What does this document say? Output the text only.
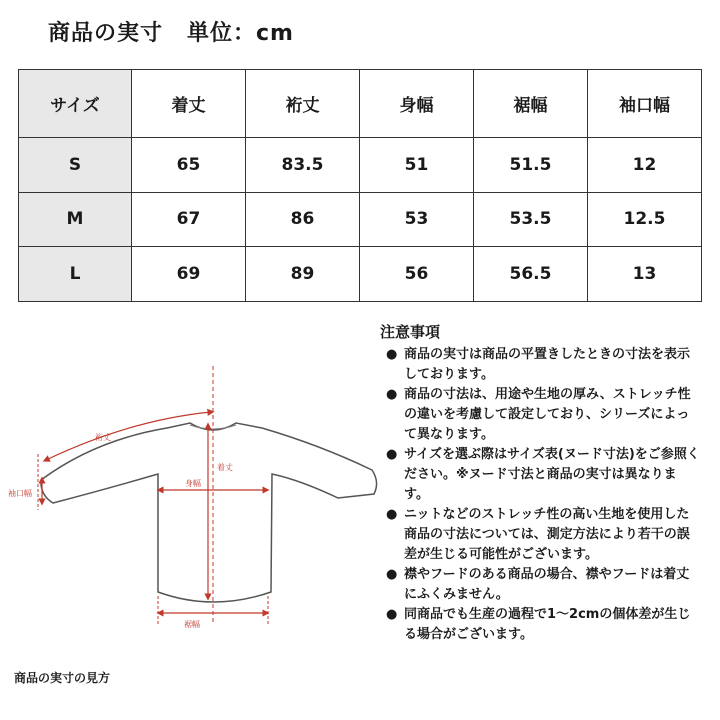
商品の実寸 単位：cm
サイズ	着丈	裄丈	身幅	裾幅	袖口幅
S	65	83.5	51	51.5	12
M	67	86	53	53.5	12.5
L	69	89	56	56.5	13
裄丈
着丈
身幅
袖口幅
裾幅
商品の実寸の見方
注意事項
● 商品の実寸は商品の平置きしたときの寸法を表示しております。
● 商品の寸法は、用途や生地の厚み、ストレッチ性の違いを考慮して設定しており、シリーズによって異なります。
● サイズを選ぶ際はサイズ表(ヌード寸法)をご参照ください。※ヌード寸法と商品の実寸は異なります。
● ニットなどのストレッチ性の高い生地を使用した商品の寸法については、測定方法により若干の誤差が生じる可能性がございます。
● 襟やフードのある商品の場合、襟やフードは着丈にふくみません。
● 同商品でも生産の過程で1～2cmの個体差が生じる場合がございます。
